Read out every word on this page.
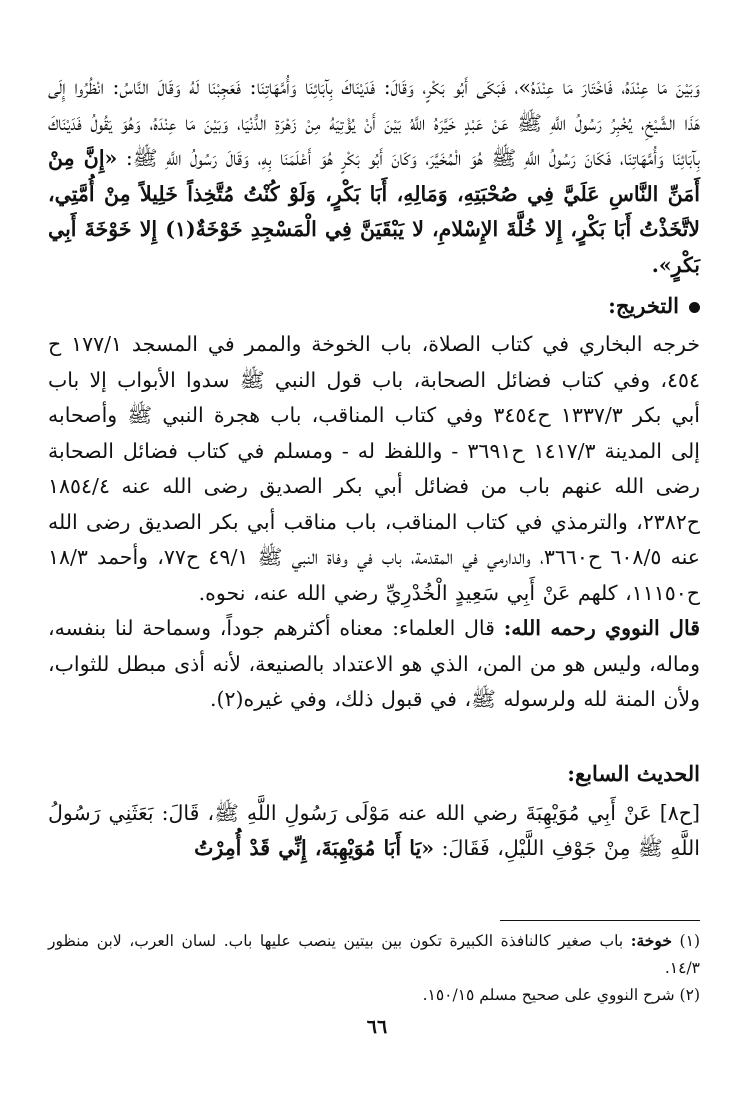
وَبَيْنَ مَا عِنْدَهُ، فَاخْتَارَ مَا عِنْدَهُ»، فَبَكَى أَبُو بَكْرٍ، وَقَالَ: فَدَيْنَاكَ بِآبَائِنَا وَأُمَّهَاتِنَا: فَعَجِبْنَا لَهُ وَقَالَ النَّاسُ: انْظُرُوا إِلَى هَذَا الشَّيْخِ، يُخْبِرُ رَسُولُ اللَّهِ ﷺ عَنْ عَبْدٍ خَيَّرَهُ اللَّهُ بَيْنَ أَنْ يُؤْتِيَهُ مِنْ زَهْرَةِ الدُّنْيَا، وَبَيْنَ مَا عِنْدَهُ، وَهُوَ يَقُولُ فَدَيْنَاكَ بِآبَائِنَا وَأُمَّهَاتِنَا، فَكَانَ رَسُولُ اللَّهِ ﷺ هُوَ الْمُخَيَّرَ، وَكَانَ أَبُو بَكْرٍ هُوَ أَعْلَمَنَا بِهِ، وَقَالَ رَسُولُ اللَّهِ ﷺ: «إِنَّ مِنْ أَمَنِّ النَّاسِ عَلَيَّ فِي صُحْبَتِهِ، وَمَالِهِ، أَبَا بَكْرٍ، وَلَوْ كُنْتُ مُتَّخِذاً خَلِيلاً مِنْ أُمَّتِي، لاتَّخَذْتُ أَبَا بَكْرٍ، إِلا خُلَّةَ الإِسْلامِ، لا يَبْقَيَنَّ فِي الْمَسْجِدِ خَوْخَةٌ(١) إِلا خَوْخَةَ أَبِي بَكْرٍ».

التخريج:

خرجه البخاري في كتاب الصلاة، باب الخوخة والممر في المسجد ١٧٧/١ ح ٤٥٤، وفي كتاب فضائل الصحابة، باب قول النبي ﷺ سدوا الأبواب إلا باب أبي بكر ١٣٣٧/٣ ح٣٤٥٤ وفي كتاب المناقب، باب هجرة النبي ﷺ وأصحابه إلى المدينة ١٤١٧/٣ ح٣٦٩١ - واللفظ له - ومسلم في كتاب فضائل الصحابة رضى الله عنهم باب من فضائل أبي بكر الصديق رضى الله عنه ١٨٥٤/٤ ح٢٣٨٢، والترمذي في كتاب المناقب، باب مناقب أبي بكر الصديق رضى الله عنه ٦٠٨/٥ ح٣٦٦٠، والدارمي في المقدمة، باب في وفاة النبي ﷺ ٤٩/١ ح٧٧، وأحمد ١٨/٣ ح١١١٥٠، كلهم عَنْ أَبِي سَعِيدٍ الْخُدْرِيِّ رضي الله عنه، نحوه.

قال النووي رحمه الله: قال العلماء: معناه أكثرهم جوداً، وسماحة لنا بنفسه، وماله، وليس هو من المن، الذي هو الاعتداد بالصنيعة، لأنه أذى مبطل للثواب، ولأن المنة لله ولرسوله ﷺ، في قبول ذلك، وفي غيره(٢).

الحديث السابع:

[ح٨] عَنْ أَبِي مُوَيْهِبَةَ رضي الله عنه مَوْلَى رَسُولِ اللَّهِ ﷺ، قَالَ: بَعَثَنِي رَسُولُ اللَّهِ ﷺ مِنْ جَوْفِ اللَّيْلِ، فَقَالَ: «يَا أَبَا مُوَيْهِبَةَ، إِنِّي قَدْ أُمِرْتُ

(١) خوخة: باب صغير كالنافذة الكبيرة تكون بين بيتين ينصب عليها باب. لسان العرب، لابن منظور ١٤/٣.

(٢) شرح النووي على صحيح مسلم ١٥٠/١٥.

٦٦
